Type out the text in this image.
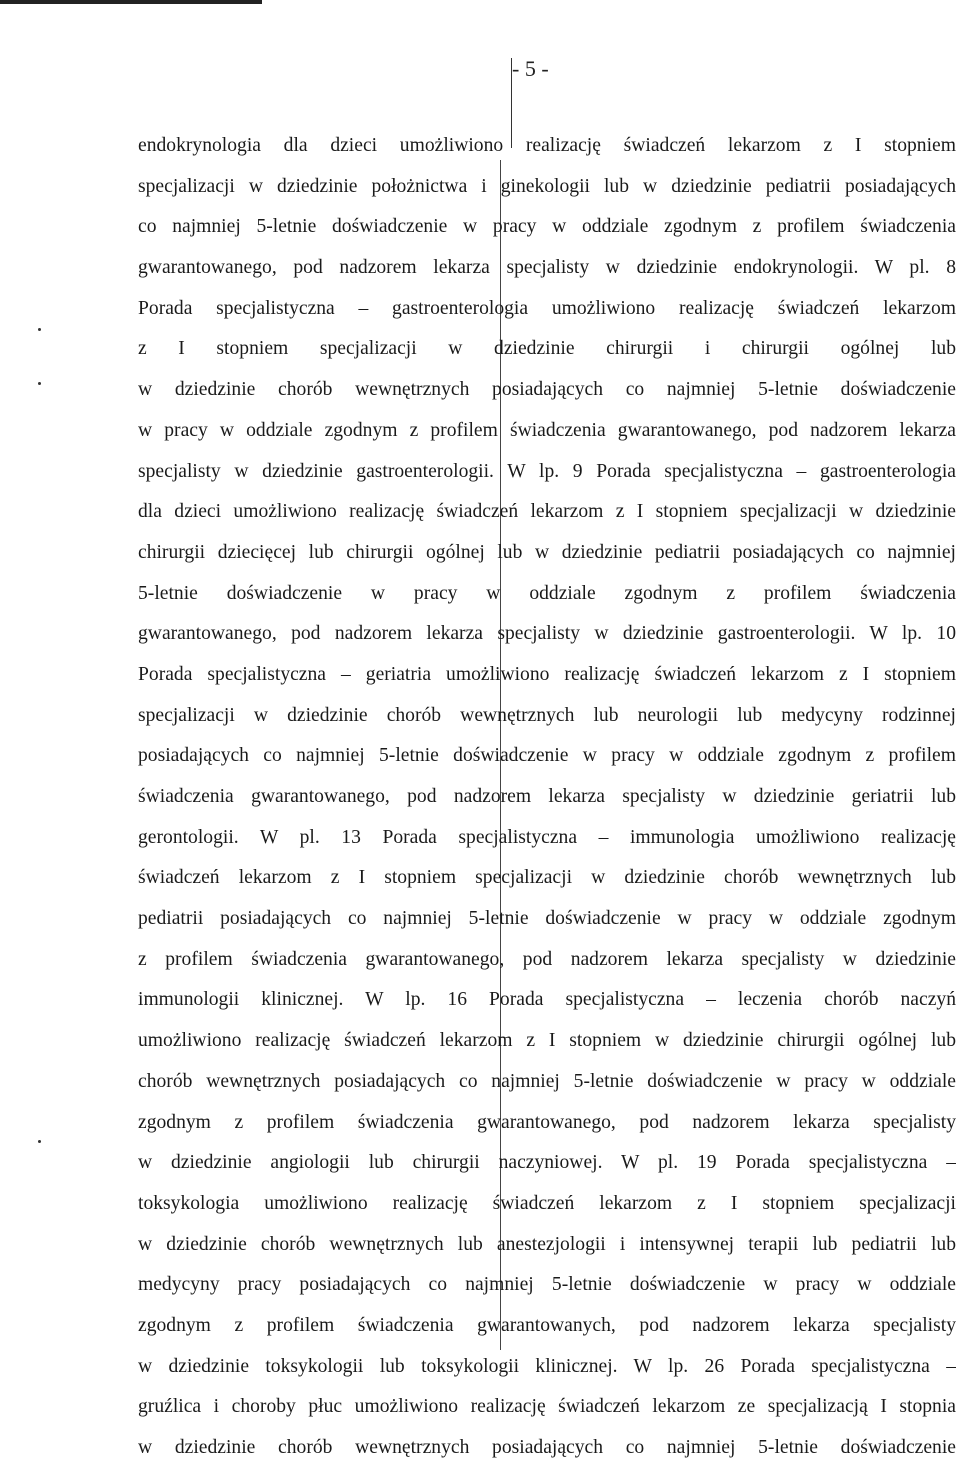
- 5 -
endokrynologia dla dzieci umożliwiono realizację świadczeń lekarzom z I stopniem
specjalizacji w dziedzinie położnictwa i ginekologii lub w dziedzinie pediatrii posiadających
co najmniej 5-letnie doświadczenie w pracy w oddziale zgodnym z profilem świadczenia
gwarantowanego, pod nadzorem lekarza specjalisty w dziedzinie endokrynologii. W pl. 8
Porada specjalistyczna – gastroenterologia umożliwiono realizację świadczeń lekarzom
z I stopniem specjalizacji w dziedzinie chirurgii i chirurgii ogólnej lub
w dziedzinie chorób wewnętrznych posiadających co najmniej 5-letnie doświadczenie
w pracy w oddziale zgodnym z profilem świadczenia gwarantowanego, pod nadzorem lekarza
specjalisty w dziedzinie gastroenterologii. W lp. 9 Porada specjalistyczna – gastroenterologia
dla dzieci umożliwiono realizację świadczeń lekarzom z I stopniem specjalizacji w dziedzinie
chirurgii dziecięcej lub chirurgii ogólnej lub w dziedzinie pediatrii posiadających co najmniej
5-letnie doświadczenie w pracy w oddziale zgodnym z profilem świadczenia
gwarantowanego, pod nadzorem lekarza specjalisty w dziedzinie gastroenterologii. W lp. 10
Porada specjalistyczna – geriatria umożliwiono realizację świadczeń lekarzom z I stopniem
specjalizacji w dziedzinie chorób wewnętrznych lub neurologii lub medycyny rodzinnej
posiadających co najmniej 5-letnie doświadczenie w pracy w oddziale zgodnym z profilem
świadczenia gwarantowanego, pod nadzorem lekarza specjalisty w dziedzinie geriatrii lub
gerontologii. W pl. 13 Porada specjalistyczna – immunologia umożliwiono realizację
świadczeń lekarzom z I stopniem specjalizacji w dziedzinie chorób wewnętrznych lub
pediatrii posiadających co najmniej 5-letnie doświadczenie w pracy w oddziale zgodnym
z profilem świadczenia gwarantowanego, pod nadzorem lekarza specjalisty w dziedzinie
immunologii klinicznej. W lp. 16 Porada specjalistyczna – leczenia chorób naczyń
umożliwiono realizację świadczeń lekarzom z I stopniem w dziedzinie chirurgii ogólnej lub
chorób wewnętrznych posiadających co najmniej 5-letnie doświadczenie w pracy w oddziale
zgodnym z profilem świadczenia gwarantowanego, pod nadzorem lekarza specjalisty
w dziedzinie angiologii lub chirurgii naczyniowej. W pl. 19 Porada specjalistyczna –
toksykologia umożliwiono realizację świadczeń lekarzom z I stopniem specjalizacji
w dziedzinie chorób wewnętrznych lub anestezjologii i intensywnej terapii lub pediatrii lub
medycyny pracy posiadających co najmniej 5-letnie doświadczenie w pracy w oddziale
zgodnym z profilem świadczenia gwarantowanych, pod nadzorem lekarza specjalisty
w dziedzinie toksykologii lub toksykologii klinicznej. W lp. 26 Porada specjalistyczna –
gruźlica i choroby płuc umożliwiono realizację świadczeń lekarzom ze specjalizacją I stopnia
w dziedzinie chorób wewnętrznych posiadających co najmniej 5-letnie doświadczenie
